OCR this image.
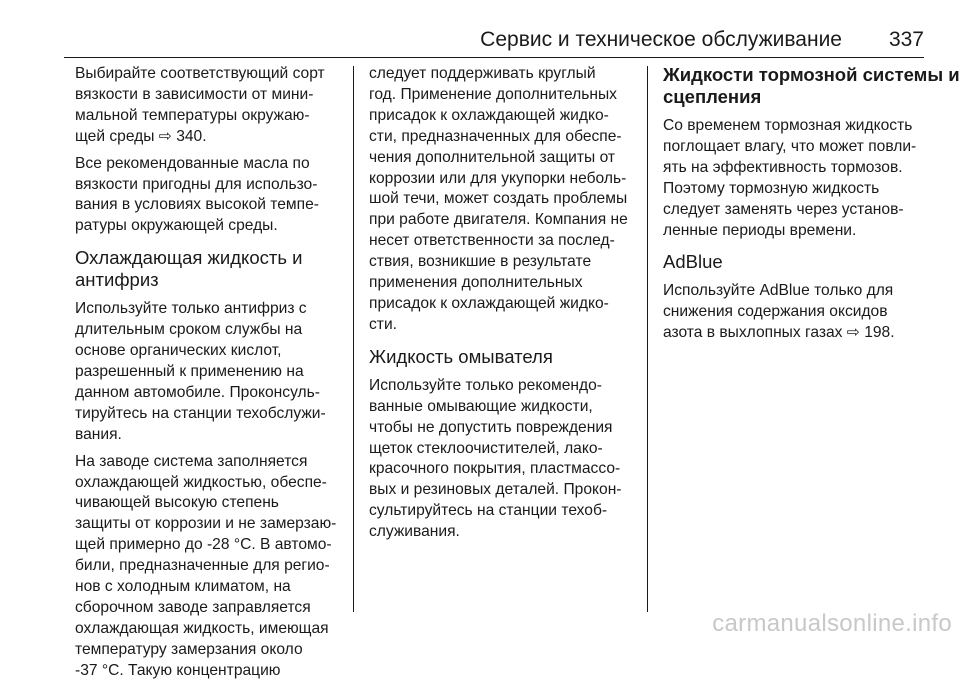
Сервис и техническое обслуживание 337
Выбирайте соответствующий сорт
вязкости в зависимости от мини-
мальной температуры окружаю-
щей среды ⇨ 340.
Все рекомендованные масла по
вязкости пригодны для использо-
вания в условиях высокой темпе-
ратуры окружающей среды.
Охлаждающая жидкость и
антифриз
Используйте только антифриз с
длительным сроком службы на
основе органических кислот,
разрешенный к применению на
данном автомобиле. Проконсуль-
тируйтесь на станции техобслужи-
вания.
На заводе система заполняется
охлаждающей жидкостью, обеспе-
чивающей высокую степень
защиты от коррозии и не замерзаю-
щей примерно до -28 °C. В автомо-
били, предназначенные для регио-
нов с холодным климатом, на
сборочном заводе заправляется
охлаждающая жидкость, имеющая
температуру замерзания около
-37 °C. Такую концентрацию
следует поддерживать круглый
год. Применение дополнительных
присадок к охлаждающей жидко-
сти, предназначенных для обеспе-
чения дополнительной защиты от
коррозии или для укупорки неболь-
шой течи, может создать проблемы
при работе двигателя. Компания не
несет ответственности за послед-
ствия, возникшие в результате
применения дополнительных
присадок к охлаждающей жидко-
сти.
Жидкость омывателя
Используйте только рекомендо-
ванные омывающие жидкости,
чтобы не допустить повреждения
щеток стеклоочистителей, лако-
красочного покрытия, пластмассо-
вых и резиновых деталей. Прокон-
сультируйтесь на станции техоб-
служивания.
Жидкости тормозной системы и
сцепления
Со временем тормозная жидкость
поглощает влагу, что может повли-
ять на эффективность тормозов.
Поэтому тормозную жидкость
следует заменять через установ-
ленные периоды времени.
AdBlue
Используйте AdBlue только для
снижения содержания оксидов
азота в выхлопных газах ⇨ 198.
carmanualsonline.info
